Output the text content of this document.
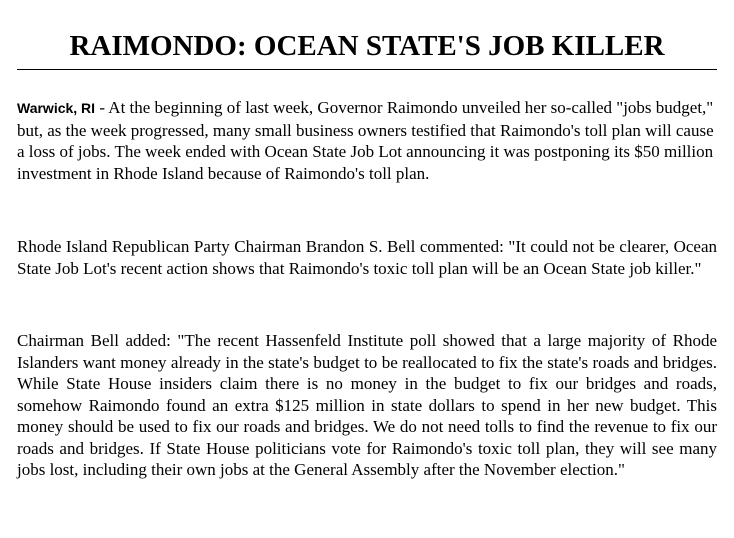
RAIMONDO: OCEAN STATE'S JOB KILLER

Warwick, RI - At the beginning of last week, Governor Raimondo unveiled her so-called "jobs budget," but, as the week progressed, many small business owners testified that Raimondo's toll plan will cause a loss of jobs. The week ended with Ocean State Job Lot announcing it was postponing its $50 million investment in Rhode Island because of Raimondo's toll plan.

Rhode Island Republican Party Chairman Brandon S. Bell commented: "It could not be clearer, Ocean State Job Lot's recent action shows that Raimondo's toxic toll plan will be an Ocean State job killer."

Chairman Bell added: "The recent Hassenfeld Institute poll showed that a large majority of Rhode Islanders want money already in the state's budget to be reallocated to fix the state's roads and bridges. While State House insiders claim there is no money in the budget to fix our bridges and roads, somehow Raimondo found an extra $125 million in state dollars to spend in her new budget. This money should be used to fix our roads and bridges. We do not need tolls to find the revenue to fix our roads and bridges. If State House politicians vote for Raimondo's toxic toll plan, they will see many jobs lost, including their own jobs at the General Assembly after the November election."
